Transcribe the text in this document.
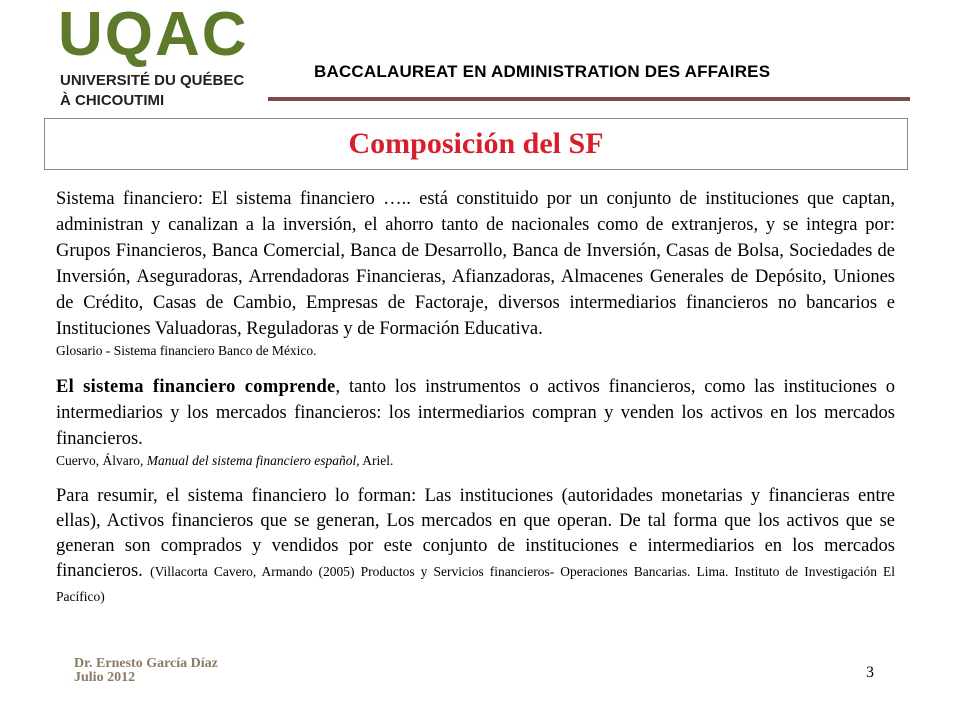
UQAC
UNIVERSITÉ DU QUÉBEC
À CHICOUTIMI
BACCALAUREAT EN ADMINISTRATION DES AFFAIRES
Composición del SF

Sistema financiero: El sistema financiero ….. está constituido por un conjunto de instituciones que captan, administran y canalizan a la inversión, el ahorro tanto de nacionales como de extranjeros, y se integra por: Grupos Financieros, Banca Comercial, Banca de Desarrollo, Banca de Inversión, Casas de Bolsa, Sociedades de Inversión, Aseguradoras, Arrendadoras Financieras, Afianzadoras, Almacenes Generales de Depósito, Uniones de Crédito, Casas de Cambio, Empresas de Factoraje, diversos intermediarios financieros no bancarios e Instituciones Valuadoras, Reguladoras y de Formación Educativa.

Glosario - Sistema financiero Banco de México.

El sistema financiero comprende, tanto los instrumentos o activos financieros, como las instituciones o intermediarios y los mercados financieros: los intermediarios compran y venden los activos en los mercados financieros.

Cuervo, Álvaro, Manual del sistema financiero español, Ariel.

Para resumir, el sistema financiero lo forman: Las instituciones (autoridades monetarias y financieras entre ellas), Activos financieros que se generan, Los mercados en que operan. De tal forma que los activos que se generan son comprados y vendidos por este conjunto de instituciones e intermediarios en los mercados financieros. (Villacorta Cavero, Armando (2005) Productos y Servicios financieros- Operaciones Bancarias. Lima. Instituto de Investigación El Pacífico)

Dr. Ernesto García Díaz
Julio 2012	3
